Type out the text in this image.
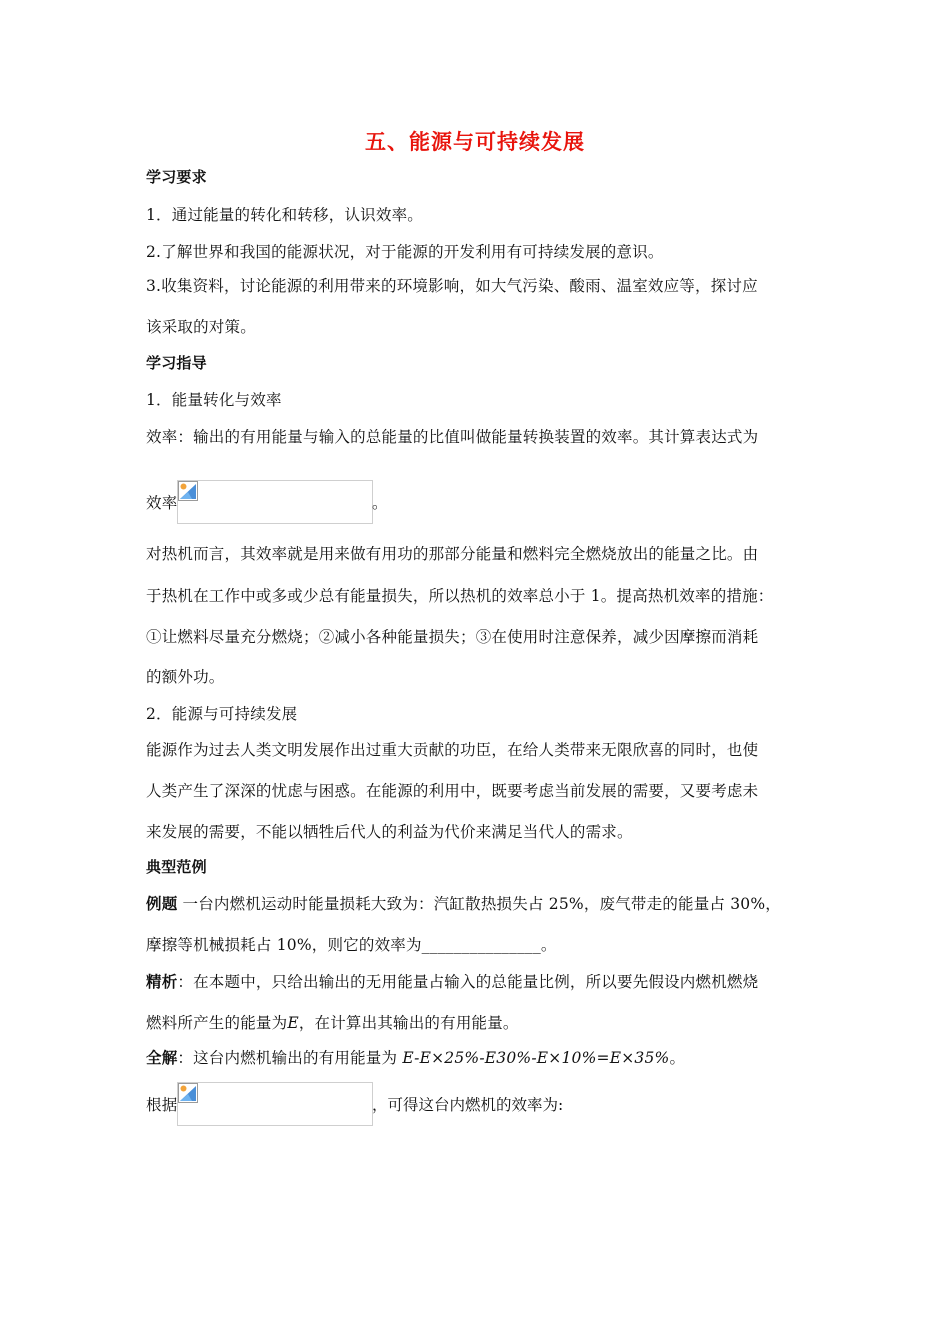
五、能源与可持续发展
学习要求
1．通过能量的转化和转移，认识效率。
2.了解世界和我国的能源状况，对于能源的开发利用有可持续发展的意识。
3.收集资料，讨论能源的利用带来的环境影响，如大气污染、酸雨、温室效应等，探讨应
该采取的对策。
学习指导
1．能量转化与效率
效率：输出的有用能量与输入的总能量的比值叫做能量转换装置的效率。其计算表达式为
效率	。
对热机而言，其效率就是用来做有用功的那部分能量和燃料完全燃烧放出的能量之比。由
于热机在工作中或多或少总有能量损失，所以热机的效率总小于 1。提高热机效率的措施：
①让燃料尽量充分燃烧；②减小各种能量损失；③在使用时注意保养，减少因摩擦而消耗
的额外功。
2．能源与可持续发展
能源作为过去人类文明发展作出过重大贡献的功臣，在给人类带来无限欣喜的同时，也使
人类产生了深深的忧虑与困惑。在能源的利用中，既要考虑当前发展的需要，又要考虑未
来发展的需要，不能以牺牲后代人的利益为代价来满足当代人的需求。
典型范例
例题 一台内燃机运动时能量损耗大致为：汽缸散热损失占 25%，废气带走的能量占 30%，
摩擦等机械损耗占 10%，则它的效率为_______________。
精析：在本题中，只给出输出的无用能量占输入的总能量比例，所以要先假设内燃机燃烧
燃料所产生的能量为E，在计算出其输出的有用能量。
全解：这台内燃机输出的有用能量为 E-E×25%-E30%-E×10%=E×35%。
根据	，可得这台内燃机的效率为:
